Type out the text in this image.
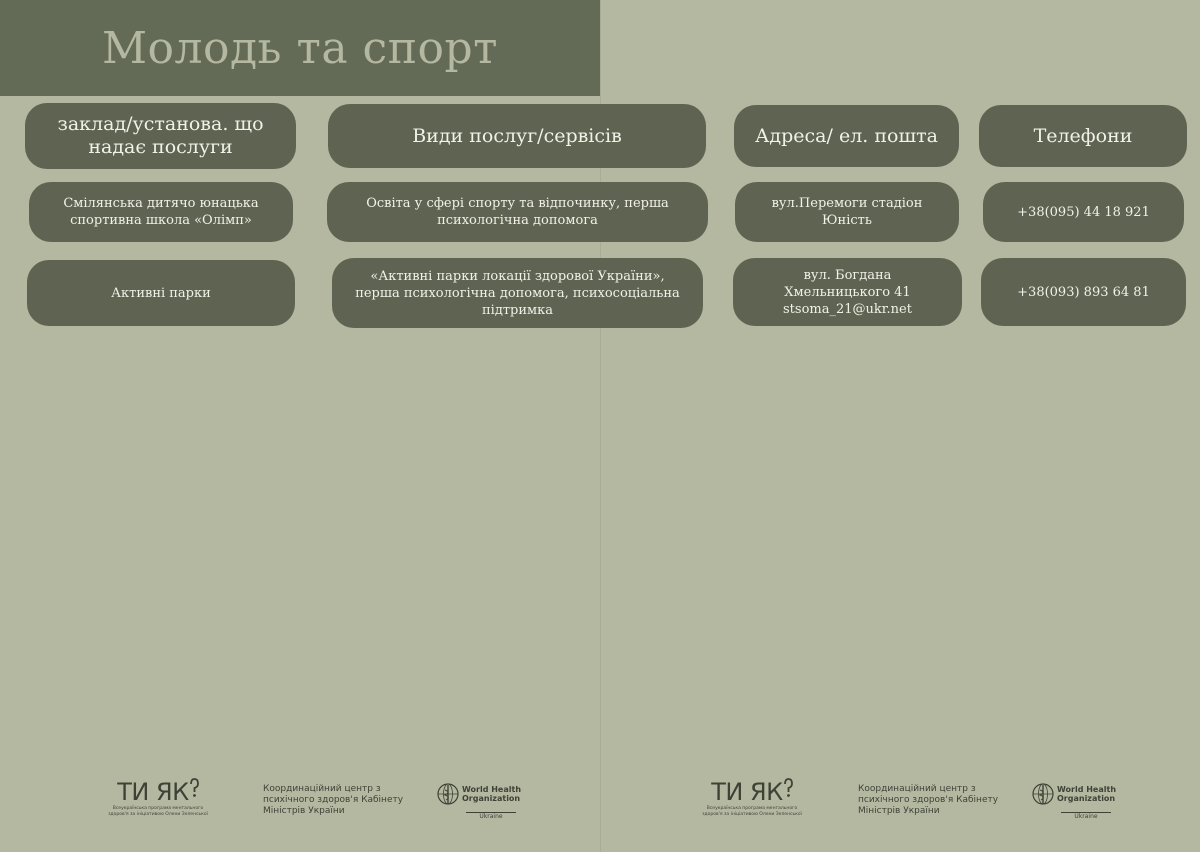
Молодь та спорт
заклад/установа. що надає послуги
Види послуг/сервісів	Адреса/ ел. пошта	Телефони
Смілянська дитячо юнацька спортивна школа «Олімп»
Освіта у сфері спорту та відпочинку, перша психологічна допомога
вул.Перемоги стадіон Юність
+38(095) 44 18 921
Активні парки
«Активні парки локації здорової України», перша психологічна допомога, психосоціальна підтримка
вул. Богдана Хмельницького 41 stsoma_21@ukr.net
+38(093) 893 64 81
ТИ ЯК
Всеукраїнська програма ментального здоров'я за ініціативою Олени Зеленської
Координаційний центр з психічного здоров'я Кабінету Міністрів України
World Health Organization
Ukraine
ТИ ЯК
Всеукраїнська програма ментального здоров'я за ініціативою Олени Зеленської
Координаційний центр з психічного здоров'я Кабінету Міністрів України
World Health Organization
Ukraine
